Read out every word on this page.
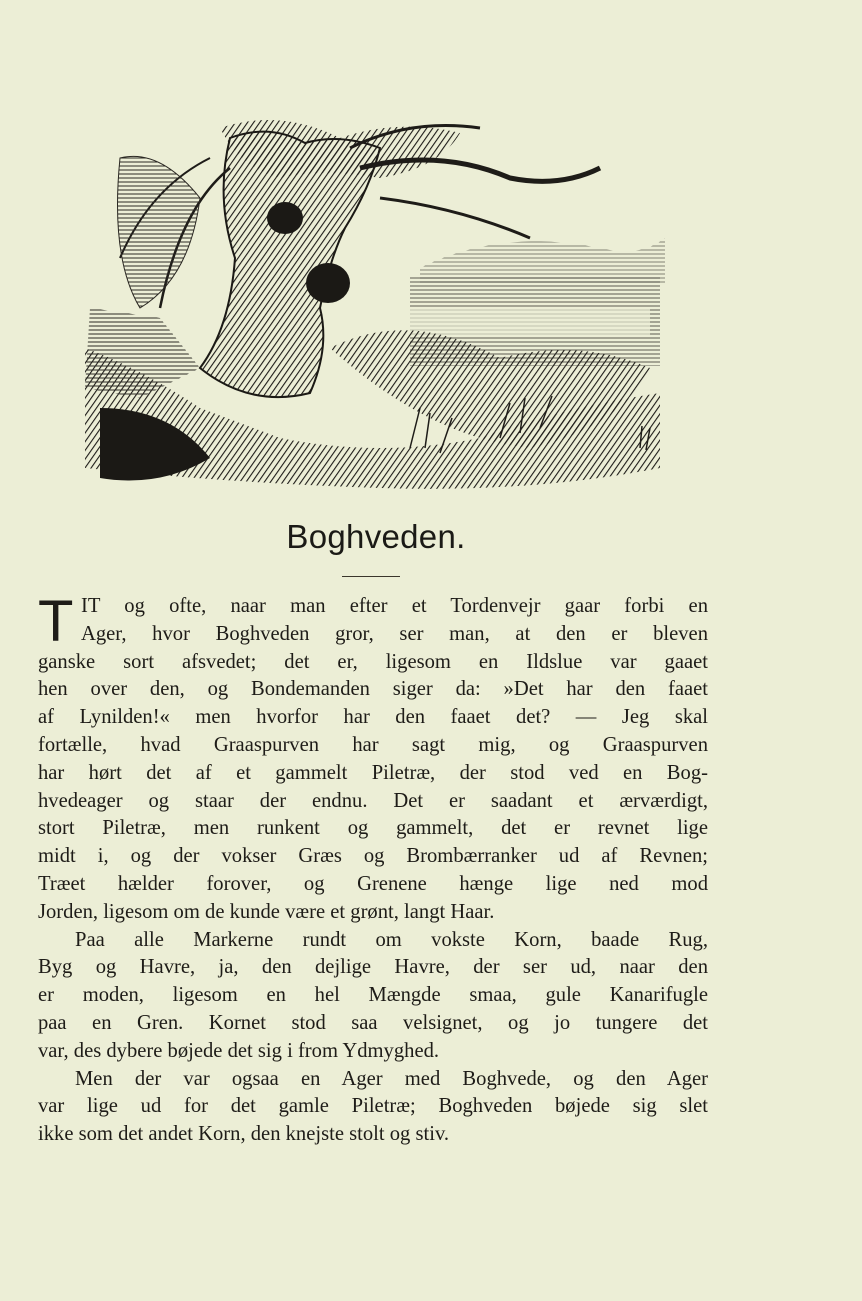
Boghveden.
T IT og ofte, naar man efter et Tordenvejr gaar forbi en
Ager, hvor Boghveden gror, ser man, at den er bleven
ganske sort afsvedet; det er, ligesom en Ildslue var gaaet
hen over den, og Bondemanden siger da: »Det har den faaet
af Lynilden!« men hvorfor har den faaet det? — Jeg skal
fortælle, hvad Graaspurven har sagt mig, og Graaspurven
har hørt det af et gammelt Piletræ, der stod ved en Bog-
hvedeager og staar der endnu. Det er saadant et ærværdigt,
stort Piletræ, men runkent og gammelt, det er revnet lige
midt i, og der vokser Græs og Brombærranker ud af Revnen;
Træet hælder forover, og Grenene hænge lige ned mod
Jorden, ligesom om de kunde være et grønt, langt Haar.
Paa alle Markerne rundt om vokste Korn, baade Rug,
Byg og Havre, ja, den dejlige Havre, der ser ud, naar den
er moden, ligesom en hel Mængde smaa, gule Kanarifugle
paa en Gren. Kornet stod saa velsignet, og jo tungere det
var, des dybere bøjede det sig i from Ydmyghed.
Men der var ogsaa en Ager med Boghvede, og den Ager
var lige ud for det gamle Piletræ; Boghveden bøjede sig slet
ikke som det andet Korn, den knejste stolt og stiv.
